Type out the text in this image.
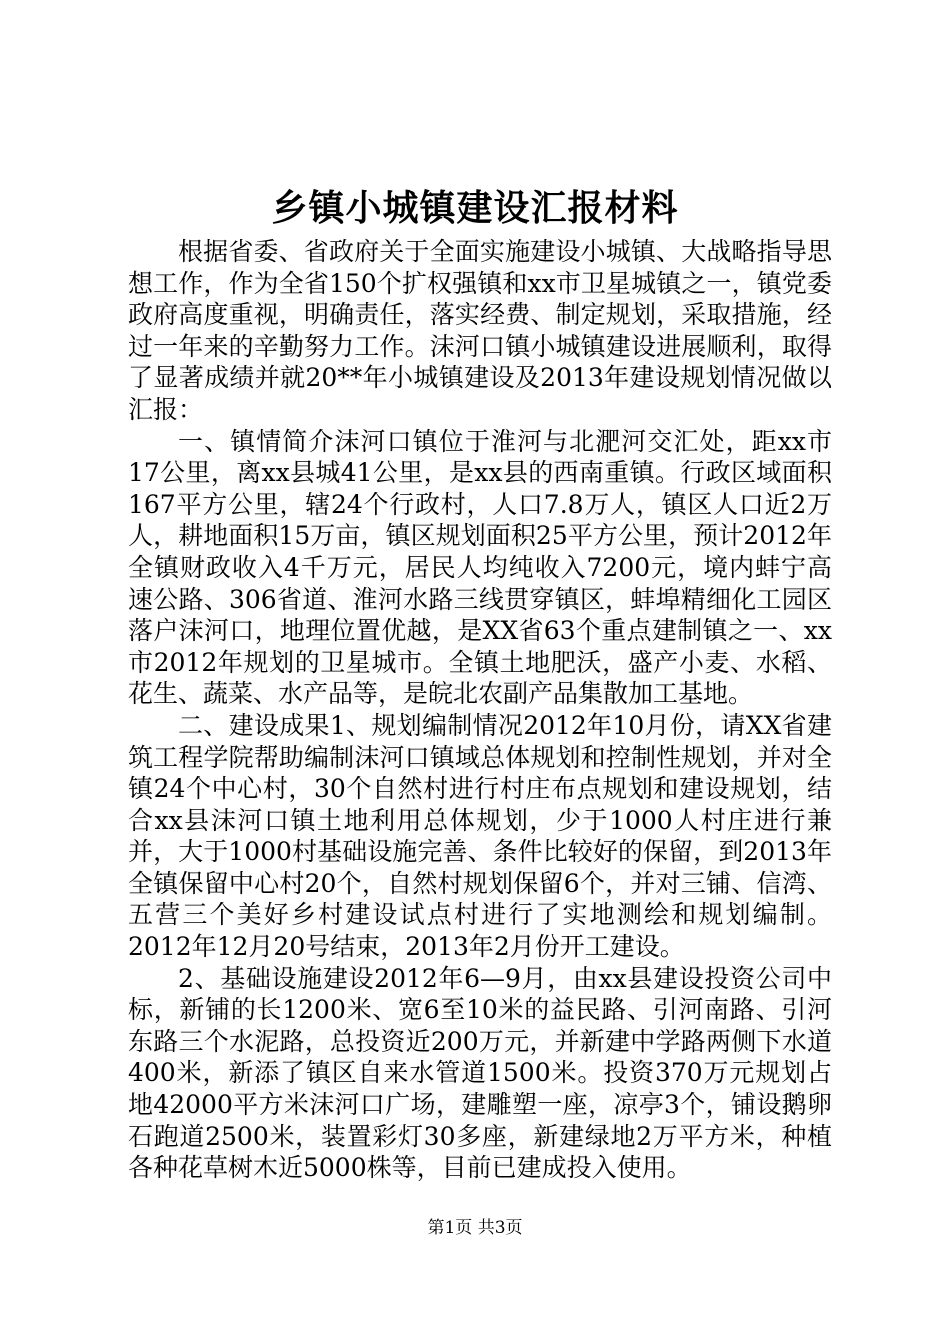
乡镇小城镇建设汇报材料

根据省委、省政府关于全面实施建设小城镇、大战略指导思想工作，作为全省150个扩权强镇和xx市卫星城镇之一，镇党委政府高度重视，明确责任，落实经费、制定规划，采取措施，经过一年来的辛勤努力工作。沫河口镇小城镇建设进展顺利，取得了显著成绩并就20**年小城镇建设及2013年建设规划情况做以汇报：

一、镇情简介沫河口镇位于淮河与北淝河交汇处，距xx市17公里，离xx县城41公里，是xx县的西南重镇。行政区域面积167平方公里，辖24个行政村，人口7.8万人，镇区人口近2万人，耕地面积15万亩，镇区规划面积25平方公里，预计2012年全镇财政收入4千万元，居民人均纯收入7200元，境内蚌宁高速公路、306省道、淮河水路三线贯穿镇区，蚌埠精细化工园区落户沫河口，地理位置优越，是XX省63个重点建制镇之一、xx市2012年规划的卫星城市。全镇土地肥沃，盛产小麦、水稻、花生、蔬菜、水产品等，是皖北农副产品集散加工基地。

二、建设成果1、规划编制情况2012年10月份，请XX省建筑工程学院帮助编制沫河口镇域总体规划和控制性规划，并对全镇24个中心村，30个自然村进行村庄布点规划和建设规划，结合xx县沫河口镇土地利用总体规划，少于1000人村庄进行兼并，大于1000村基础设施完善、条件比较好的保留，到2013年全镇保留中心村20个，自然村规划保留6个，并对三铺、信湾、五营三个美好乡村建设试点村进行了实地测绘和规划编制。2012年12月20号结束，2013年2月份开工建设。

2、基础设施建设2012年6—9月，由xx县建设投资公司中标，新铺的长1200米、宽6至10米的益民路、引河南路、引河东路三个水泥路，总投资近200万元，并新建中学路两侧下水道400米，新添了镇区自来水管道1500米。投资370万元规划占地42000平方米沫河口广场，建雕塑一座，凉亭3个，铺设鹅卵石跑道2500米，装置彩灯30多座，新建绿地2万平方米，种植各种花草树木近5000株等，目前已建成投入使用。

第1页 共3页
